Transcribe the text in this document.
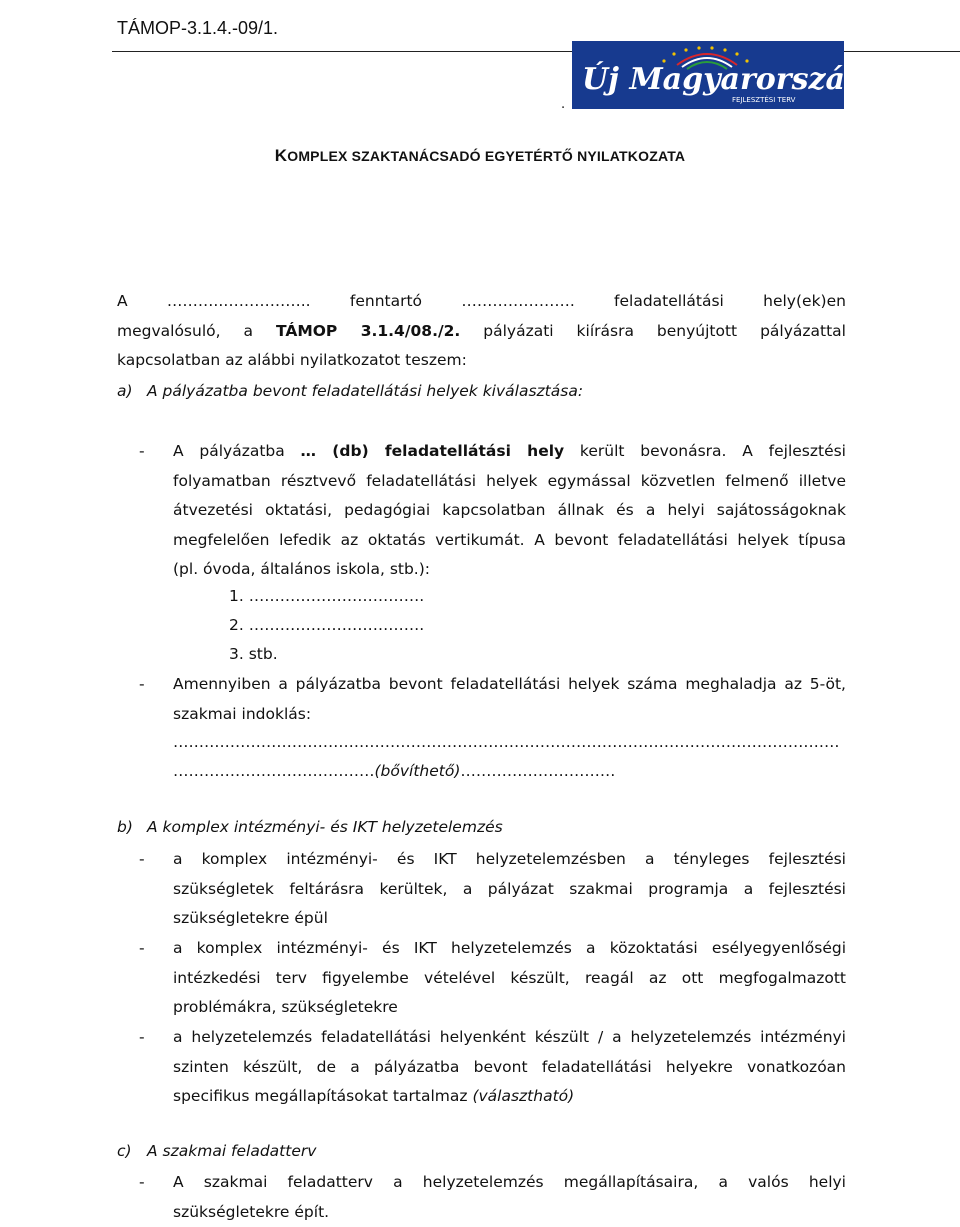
TÁMOP-3.1.4.-09/1.
Új Magyarország
FEJLESZTÉSI TERV
.
KOMPLEX SZAKTANÁCSADÓ EGYETÉRTŐ NYILATKOZATA
A	………..……………..	fenntartó	………………….	feladatellátási hely(ek)en
megvalósuló, a TÁMOP 3.1.4/08./2. pályázati kiírásra benyújtott pályázattal
kapcsolatban az alábbi nyilatkozatot teszem:
a) A pályázatba bevont feladatellátási helyek kiválasztása:
- A pályázatba … (db) feladatellátási hely került bevonásra. A fejlesztési
folyamatban résztvevő feladatellátási helyek egymással közvetlen felmenő illetve
átvezetési oktatási, pedagógiai kapcsolatban állnak és a helyi sajátosságoknak
megfelelően lefedik az oktatás vertikumát. A bevont feladatellátási helyek típusa
(pl. óvoda, általános iskola, stb.):
1. …………………………….
2. …………………………….
3. stb.
- Amennyiben a pályázatba bevont feladatellátási helyek száma meghaladja az 5-öt,
szakmai indoklás:
…………………………………………………………………………………………………………………
…………………………………(bővíthető)…………………………
b) A komplex intézményi- és IKT helyzetelemzés
- a komplex intézményi- és IKT helyzetelemzésben a tényleges fejlesztési
szükségletek feltárásra kerültek, a pályázat szakmai programja a fejlesztési
szükségletekre épül
- a komplex intézményi- és IKT helyzetelemzés a közoktatási esélyegyenlőségi
intézkedési terv figyelembe vételével készült, reagál az ott megfogalmazott
problémákra, szükségletekre
- a helyzetelemzés feladatellátási helyenként készült / a helyzetelemzés intézményi
szinten készült, de a pályázatba bevont feladatellátási helyekre vonatkozóan
specifikus megállapításokat tartalmaz (választható)
c) A szakmai feladatterv
- A szakmai feladatterv a helyzetelemzés megállapításaira, a valós helyi
szükségletekre épít.
